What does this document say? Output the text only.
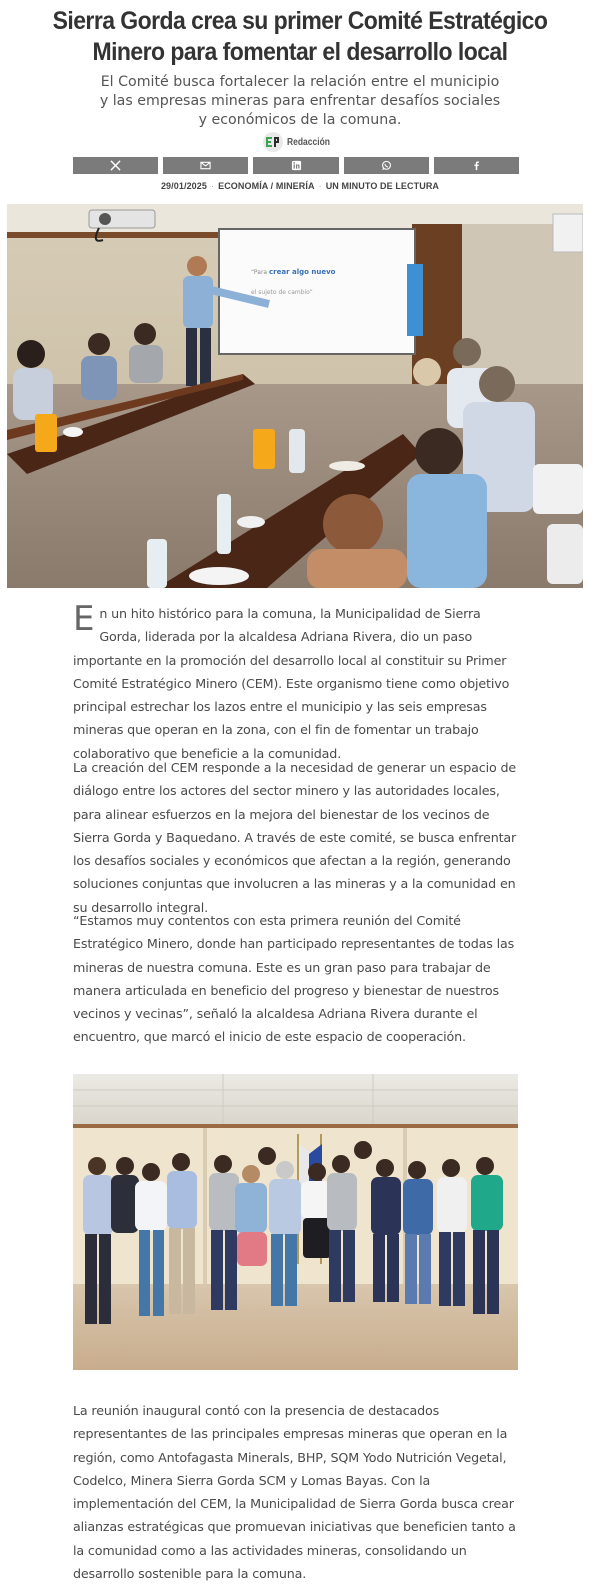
Sierra Gorda crea su primer Comité Estratégico Minero para fomentar el desarrollo local

El Comité busca fortalecer la relación entre el municipio y las empresas mineras para enfrentar desafíos sociales y económicos de la comuna.

Redacción
29/01/2025 · ECONOMÍA / MINERÍA · UN MINUTO DE LECTURA
“Para crear algo nuevo
el sujeto de cambio”

En un hito histórico para la comuna, la Municipalidad de Sierra Gorda, liderada por la alcaldesa Adriana Rivera, dio un paso importante en la promoción del desarrollo local al constituir su Primer Comité Estratégico Minero (CEM). Este organismo tiene como objetivo principal estrechar los lazos entre el municipio y las seis empresas mineras que operan en la zona, con el fin de fomentar un trabajo colaborativo que beneficie a la comunidad.

La creación del CEM responde a la necesidad de generar un espacio de diálogo entre los actores del sector minero y las autoridades locales, para alinear esfuerzos en la mejora del bienestar de los vecinos de Sierra Gorda y Baquedano. A través de este comité, se busca enfrentar los desafíos sociales y económicos que afectan a la región, generando soluciones conjuntas que involucren a las mineras y a la comunidad en su desarrollo integral.

“Estamos muy contentos con esta primera reunión del Comité Estratégico Minero, donde han participado representantes de todas las mineras de nuestra comuna. Este es un gran paso para trabajar de manera articulada en beneficio del progreso y bienestar de nuestros vecinos y vecinas”, señaló la alcaldesa Adriana Rivera durante el encuentro, que marcó el inicio de este espacio de cooperación.

La reunión inaugural contó con la presencia de destacados representantes de las principales empresas mineras que operan en la región, como Antofagasta Minerals, BHP, SQM Yodo Nutrición Vegetal, Codelco, Minera Sierra Gorda SCM y Lomas Bayas. Con la implementación del CEM, la Municipalidad de Sierra Gorda busca crear alianzas estratégicas que promuevan iniciativas que beneficien tanto a la comunidad como a las actividades mineras, consolidando un desarrollo sostenible para la comuna.
